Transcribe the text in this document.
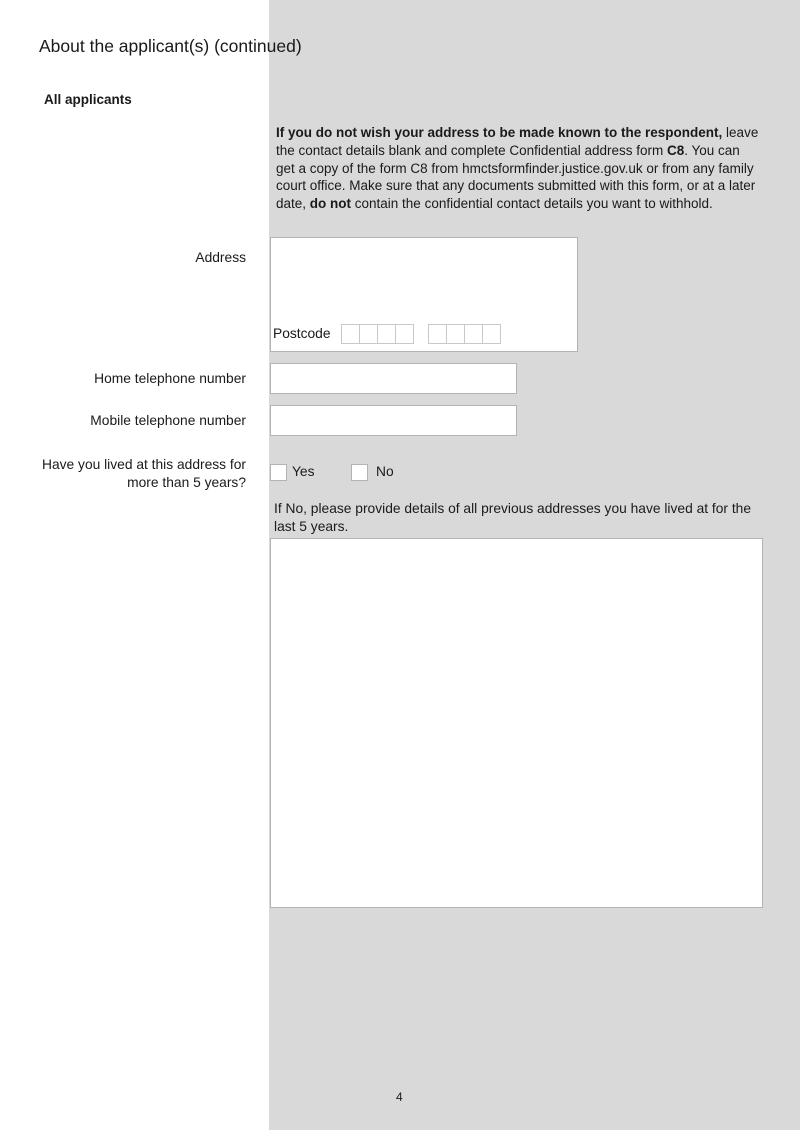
About the applicant(s) (continued)
All applicants
If you do not wish your address to be made known to the respondent, leave the contact details blank and complete Confidential address form C8. You can get a copy of the form C8 from hmctsformfinder.justice.gov.uk or from any family court office. Make sure that any documents submitted with this form, or at a later date, do not contain the confidential contact details you want to withhold.
Address
Postcode
Home telephone number
Mobile telephone number
Have you lived at this address for
more than 5 years?
Yes	No
If No, please provide details of all previous addresses you have lived at for the last 5 years.
4
